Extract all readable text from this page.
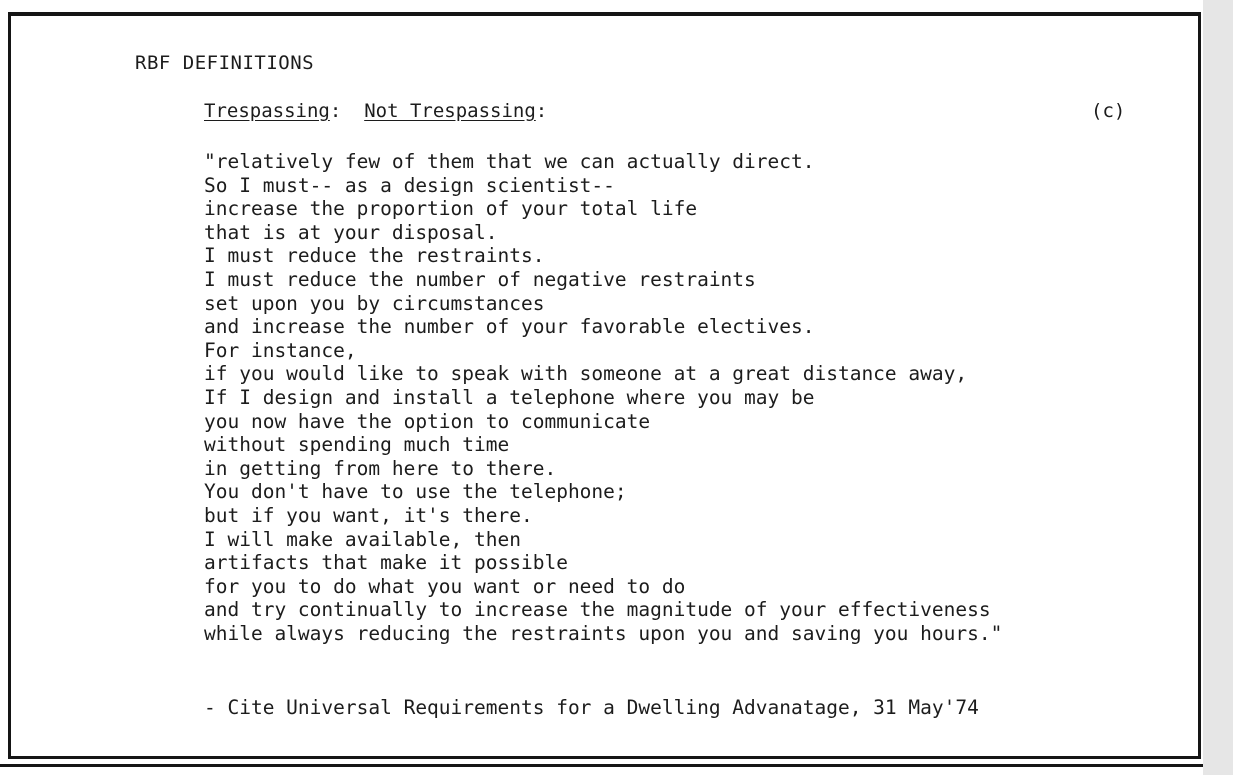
RBF DEFINITIONS
Trespassing: Not Trespassing:	(c)
"relatively few of them that we can actually direct.
So I must-- as a design scientist--
increase the proportion of your total life
that is at your disposal.
I must reduce the restraints.
I must reduce the number of negative restraints
set upon you by circumstances
and increase the number of your favorable electives.
For instance,
if you would like to speak with someone at a great distance away,
If I design and install a telephone where you may be
you now have the option to communicate
without spending much time
in getting from here to there.
You don't have to use the telephone;
but if you want, it's there.
I will make available, then
artifacts that make it possible
for you to do what you want or need to do
and try continually to increase the magnitude of your effectiveness
while always reducing the restraints upon you and saving you hours."
- Cite Universal Requirements for a Dwelling Advanatage, 31 May'74
